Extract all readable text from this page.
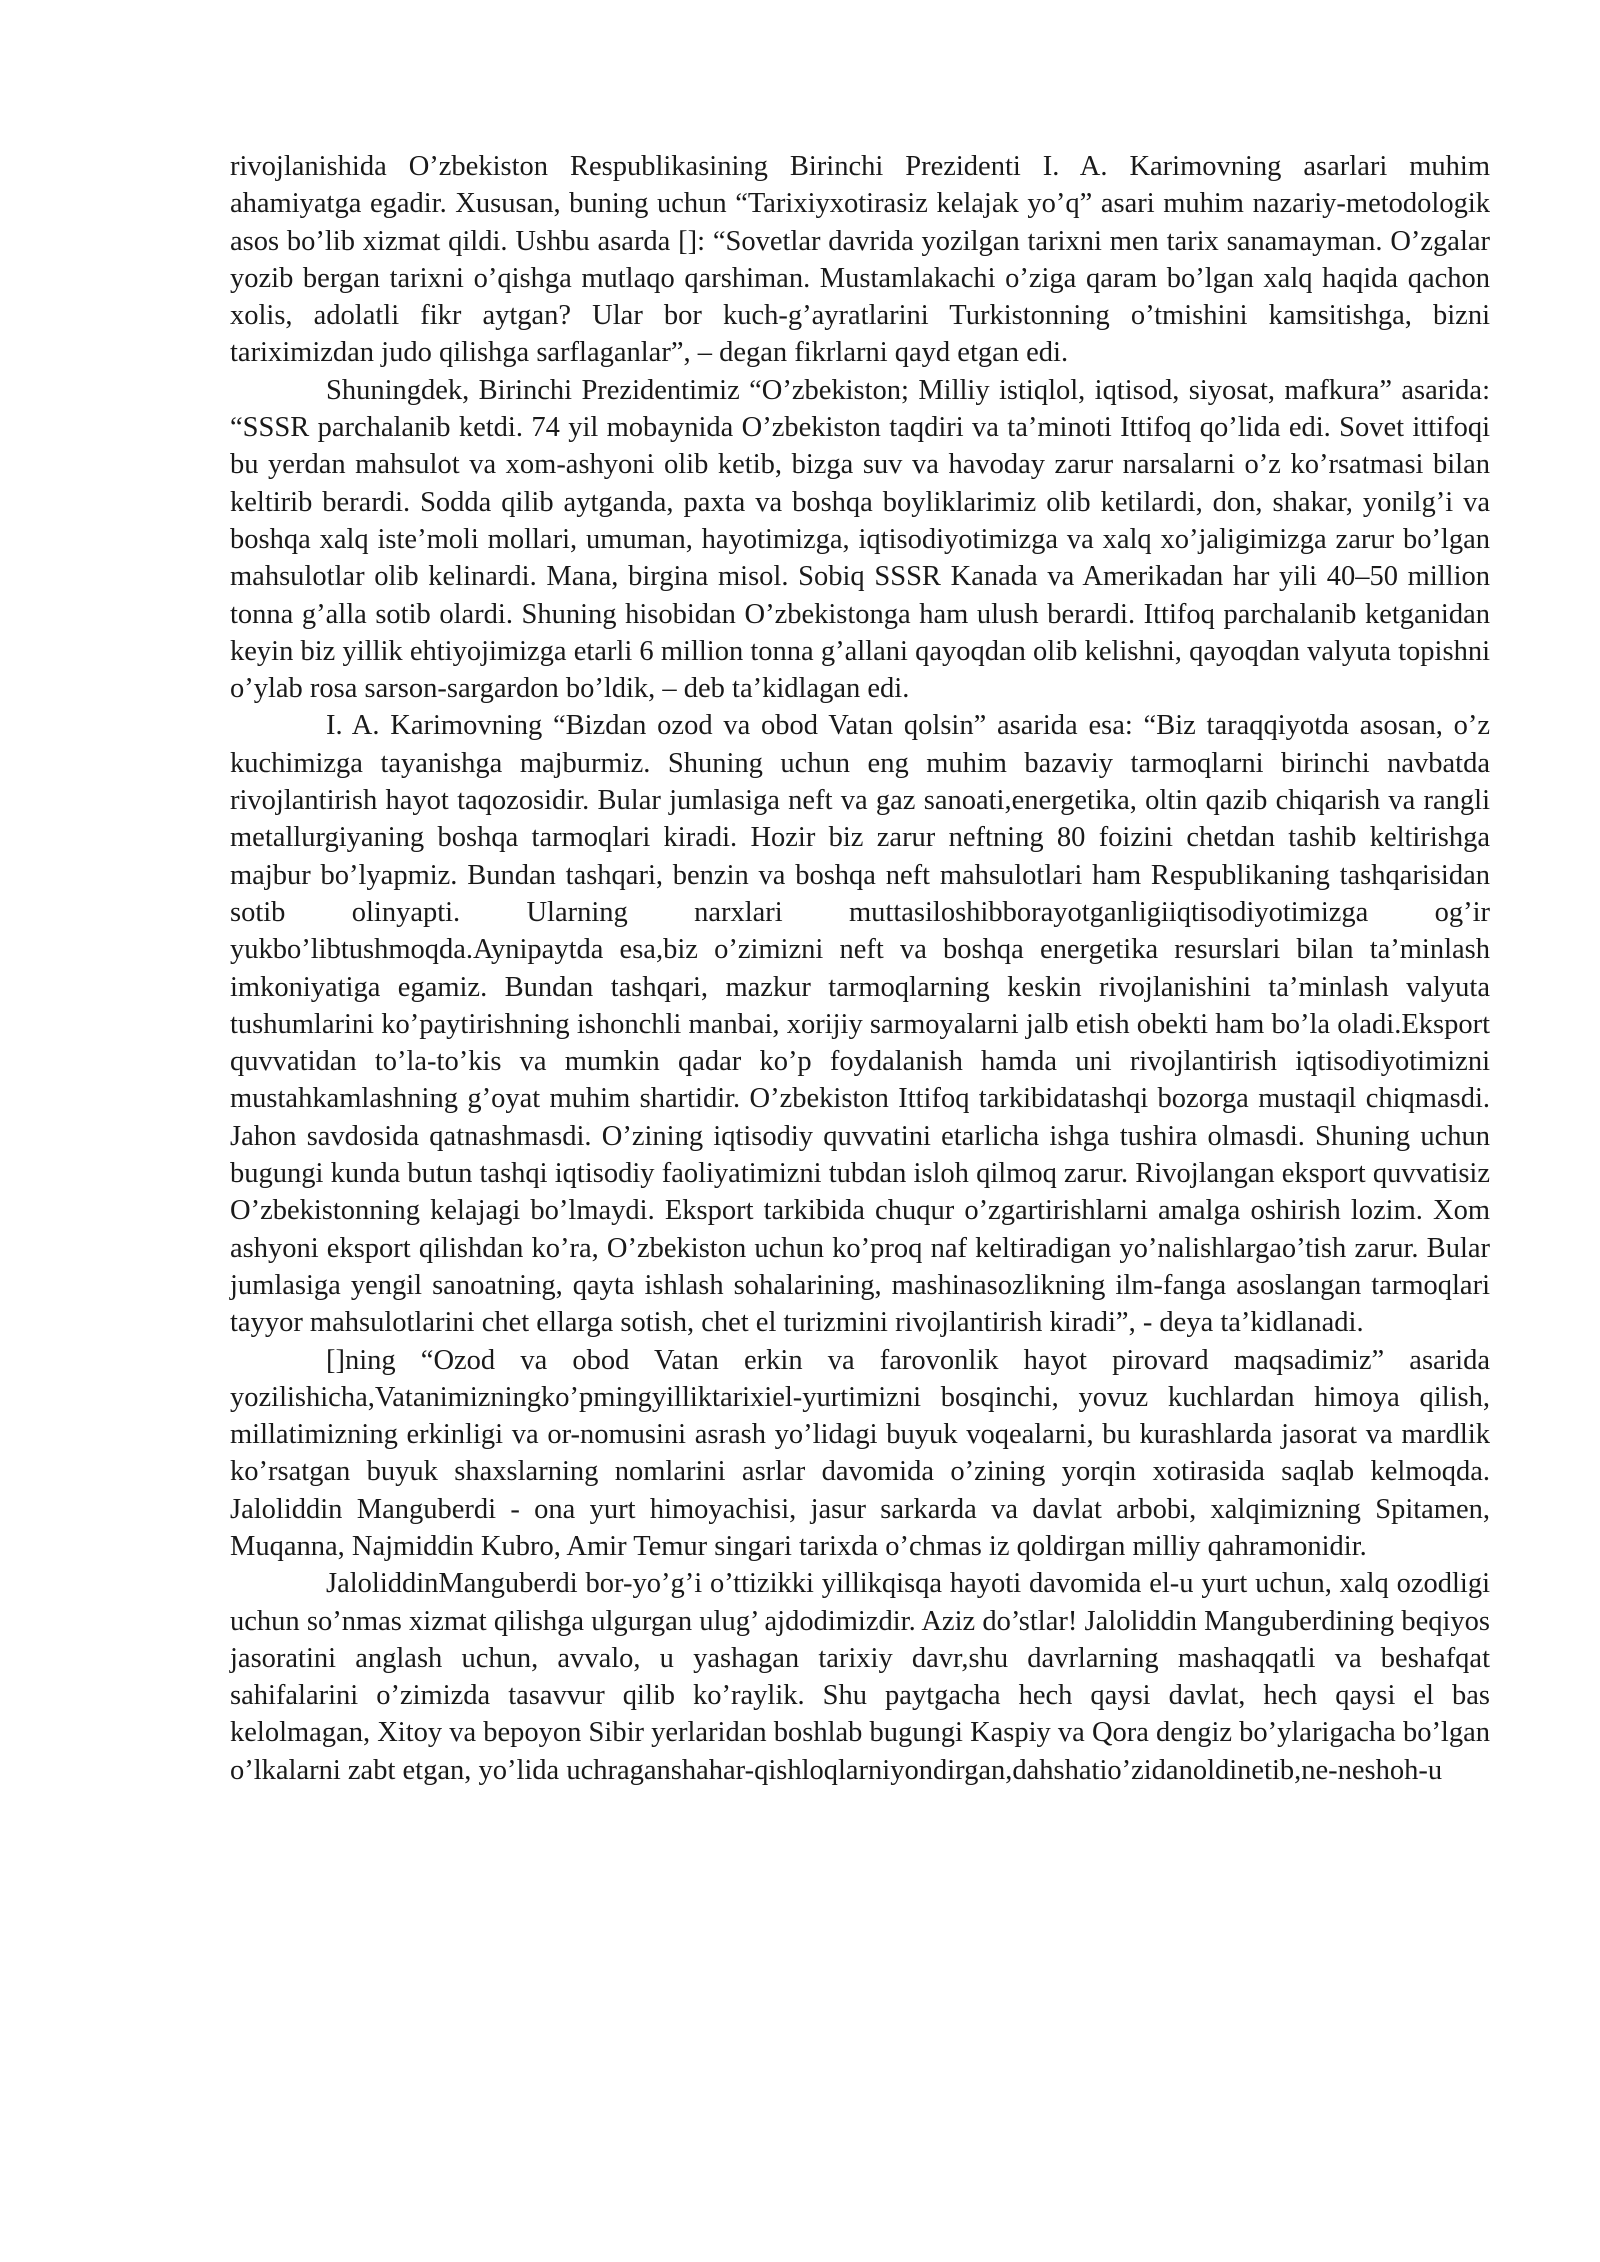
rivojlanishida O’zbekiston Respublikasining Birinchi Prezidenti I. A. Karimovning asarlari muhim ahamiyatga egadir. Xususan, buning uchun “Tarixiyxotirasiz kelajak yo’q” asari muhim nazariy-metodologik asos bo’lib xizmat qildi. Ushbu asarda []: “Sovetlar davrida yozilgan tarixni men tarix sanamayman. O’zgalar yozib bergan tarixni o’qishga mutlaqo qarshiman. Mustamlakachi o’ziga qaram bo’lgan xalq haqida qachon xolis, adolatli fikr aytgan? Ular bor kuch-g’ayratlarini Turkistonning o’tmishini kamsitishga, bizni tariximizdan judo qilishga sarflaganlar”, – degan fikrlarni qayd etgan edi.

Shuningdek, Birinchi Prezidentimiz “O’zbekiston; Milliy istiqlol, iqtisod, siyosat, mafkura” asarida: “SSSR parchalanib ketdi. 74 yil mobaynida O’zbekiston taqdiri va ta’minoti Ittifoq qo’lida edi. Sovet ittifoqi bu yerdan mahsulot va xom-ashyoni olib ketib, bizga suv va havoday zarur narsalarni o’z ko’rsatmasi bilan keltirib berardi. Sodda qilib aytganda, paxta va boshqa boyliklarimiz olib ketilardi, don, shakar, yonilg’i va boshqa xalq iste’moli mollari, umuman, hayotimizga, iqtisodiyotimizga va xalq xo’jaligimizga zarur bo’lgan mahsulotlar olib kelinardi. Mana, birgina misol. Sobiq SSSR Kanada va Amerikadan har yili 40–50 million tonna g’alla sotib olardi. Shuning hisobidan O’zbekistonga ham ulush berardi. Ittifoq parchalanib ketganidan keyin biz yillik ehtiyojimizga etarli 6 million tonna g’allani qayoqdan olib kelishni, qayoqdan valyuta topishni o’ylab rosa sarson-sargardon bo’ldik, – deb ta’kidlagan edi.

I. A. Karimovning “Bizdan ozod va obod Vatan qolsin” asarida esa: “Biz taraqqiyotda asosan, o’z kuchimizga tayanishga majburmiz. Shuning uchun eng muhim bazaviy tarmoqlarni birinchi navbatda rivojlantirish hayot taqozosidir. Bular jumlasiga neft va gaz sanoati,energetika, oltin qazib chiqarish va rangli metallurgiyaning boshqa tarmoqlari kiradi. Hozir biz zarur neftning 80 foizini chetdan tashib keltirishga majbur bo’lyapmiz. Bundan tashqari, benzin va boshqa neft mahsulotlari ham Respublikaning tashqarisidan sotib olinyapti. Ularning narxlari muttasiloshibborayotganligiiqtisodiyotimizga og’ir yukbo’libtushmoqda.Aynipaytda esa,biz o’zimizni neft va boshqa energetika resurslari bilan ta’minlash imkoniyatiga egamiz. Bundan tashqari, mazkur tarmoqlarning keskin rivojlanishini ta’minlash valyuta tushumlarini ko’paytirishning ishonchli manbai, xorijiy sarmoyalarni jalb etish obekti ham bo’la oladi.Eksport quvvatidan to’la-to’kis va mumkin qadar ko’p foydalanish hamda uni rivojlantirish iqtisodiyotimizni mustahkamlashning g’oyat muhim shartidir. O’zbekiston Ittifoq tarkibidatashqi bozorga mustaqil chiqmasdi. Jahon savdosida qatnashmasdi. O’zining iqtisodiy quvvatini etarlicha ishga tushira olmasdi. Shuning uchun bugungi kunda butun tashqi iqtisodiy faoliyatimizni tubdan isloh qilmoq zarur. Rivojlangan eksport quvvatisiz O’zbekistonning kelajagi bo’lmaydi. Eksport tarkibida chuqur o’zgartirishlarni amalga oshirish lozim. Xom ashyoni eksport qilishdan ko’ra, O’zbekiston uchun ko’proq naf keltiradigan yo’nalishlargao’tish zarur. Bular jumlasiga yengil sanoatning, qayta ishlash sohalarining, mashinasozlikning ilm-fanga asoslangan tarmoqlari tayyor mahsulotlarini chet ellarga sotish, chet el turizmini rivojlantirish kiradi”, - deya ta’kidlanadi.

[]ning “Ozod va obod Vatan erkin va farovonlik hayot pirovard maqsadimiz” asarida yozilishicha,Vatanimizningko’pmingyilliktarixiel-yurtimizni bosqinchi, yovuz kuchlardan himoya qilish, millatimizning erkinligi va or-nomusini asrash yo’lidagi buyuk voqealarni, bu kurashlarda jasorat va mardlik ko’rsatgan buyuk shaxslarning nomlarini asrlar davomida o’zining yorqin xotirasida saqlab kelmoqda. Jaloliddin Manguberdi - ona yurt himoyachisi, jasur sarkarda va davlat arbobi, xalqimizning Spitamen, Muqanna, Najmiddin Kubro, Amir Temur singari tarixda o’chmas iz qoldirgan milliy qahramonidir.

JaloliddinManguberdi bor-yo’g’i o’ttizikki yillikqisqa hayoti davomida el-u yurt uchun, xalq ozodligi uchun so’nmas xizmat qilishga ulgurgan ulug’ ajdodimizdir. Aziz do’stlar! Jaloliddin Manguberdining beqiyos jasoratini anglash uchun, avvalo, u yashagan tarixiy davr,shu davrlarning mashaqqatli va beshafqat sahifalarini o’zimizda tasavvur qilib ko’raylik. Shu paytgacha hech qaysi davlat, hech qaysi el bas kelolmagan, Xitoy va bepoyon Sibir yerlaridan boshlab bugungi Kaspiy va Qora dengiz bo’ylarigacha bo’lgan o’lkalarni zabt etgan, yo’lida uchraganshahar-qishloqlarniyondirgan,dahshatio’zidanoldinetib,ne-neshoh-u
